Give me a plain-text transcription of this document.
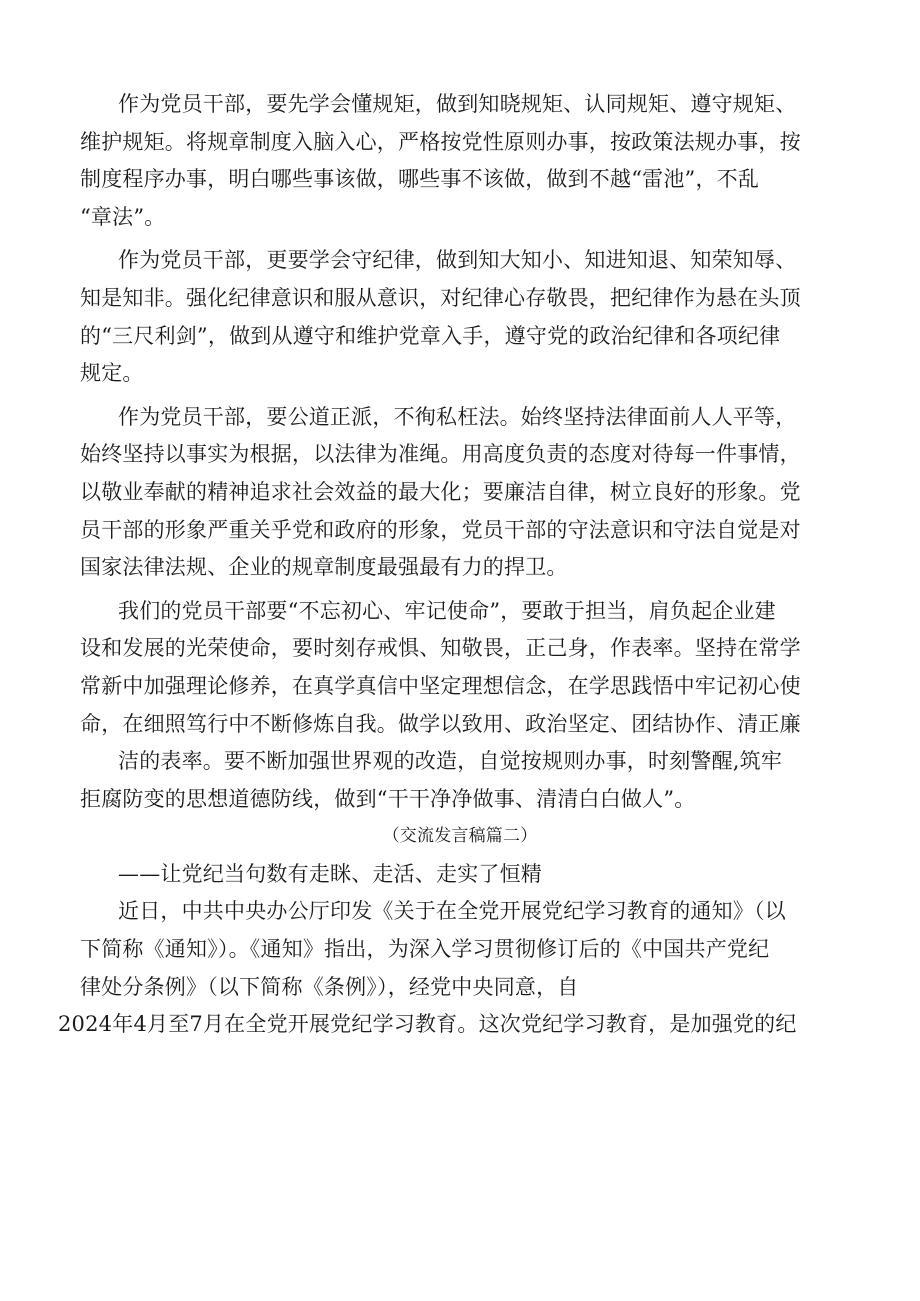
作为党员干部，要先学会懂规矩，做到知晓规矩、认同规矩、遵守规矩、
维护规矩。将规章制度入脑入心，严格按党性原则办事，按政策法规办事，按
制度程序办事，明白哪些事该做，哪些事不该做，做到不越“雷池”，不乱
“章法”。
作为党员干部，更要学会守纪律，做到知大知小、知进知退、知荣知辱、
知是知非。强化纪律意识和服从意识，对纪律心存敬畏，把纪律作为悬在头顶
的“三尺利剑”，做到从遵守和维护党章入手，遵守党的政治纪律和各项纪律
规定。
作为党员干部，要公道正派，不徇私枉法。始终坚持法律面前人人平等，
始终坚持以事实为根据，以法律为准绳。用高度负责的态度对待每一件事情，
以敬业奉献的精神追求社会效益的最大化；要廉洁自律，树立良好的形象。党
员干部的形象严重关乎党和政府的形象，党员干部的守法意识和守法自觉是对
国家法律法规、企业的规章制度最强最有力的捍卫。
我们的党员干部要“不忘初心、牢记使命”，要敢于担当，肩负起企业建
设和发展的光荣使命，要时刻存戒惧、知敬畏，正己身，作表率。坚持在常学
常新中加强理论修养，在真学真信中坚定理想信念，在学思践悟中牢记初心使
命，在细照笃行中不断修炼自我。做学以致用、政治坚定、团结协作、清正廉
洁的表率。要不断加强世界观的改造，自觉按规则办事，时刻警醒,筑牢
拒腐防变的思想道德防线，做到“干干净净做事、清清白白做人”。
（交流发言稿篇二）
——让党纪当句数有走眯、走活、走实了恒精
近日，中共中央办公厅印发《关于在全党开展党纪学习教育的通知》（以
下简称《通知》）。《通知》指出，为深入学习贯彻修订后的《中国共产党纪
律处分条例》（以下简称《条例》），经党中央同意，自
2024年4月至7月在全党开展党纪学习教育。这次党纪学习教育，是加强党的纪
